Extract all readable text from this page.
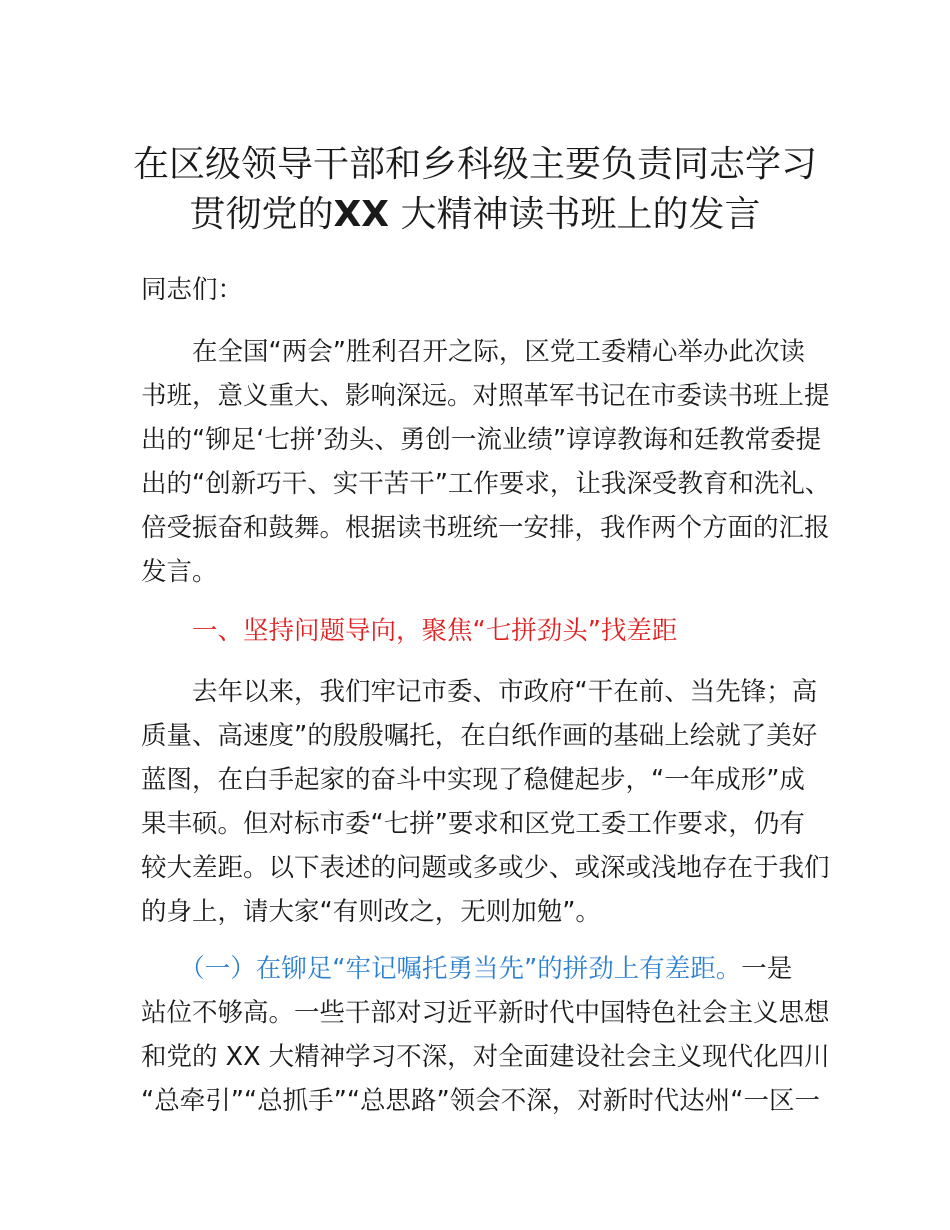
在区级领导干部和乡科级主要负责同志学习
贯彻党的XX 大精神读书班上的发言

同志们：

　　在全国“两会”胜利召开之际，区党工委精心举办此次读
书班，意义重大、影响深远。对照革军书记在市委读书班上提
出的“铆足‘七拼’劲头、勇创一流业绩”谆谆教诲和廷教常委提
出的“创新巧干、实干苦干”工作要求，让我深受教育和洗礼、
倍受振奋和鼓舞。根据读书班统一安排，我作两个方面的汇报
发言。

一、坚持问题导向，聚焦“七拼劲头”找差距

　　去年以来，我们牢记市委、市政府“干在前、当先锋；高
质量、高速度”的殷殷嘱托，在白纸作画的基础上绘就了美好
蓝图，在白手起家的奋斗中实现了稳健起步，“一年成形”成
果丰硕。但对标市委“七拼”要求和区党工委工作要求，仍有
较大差距。以下表述的问题或多或少、或深或浅地存在于我们
的身上，请大家“有则改之，无则加勉”。

　　（一）在铆足“牢记嘱托勇当先”的拼劲上有差距。一是
站位不够高。一些干部对习近平新时代中国特色社会主义思想
和党的 XX 大精神学习不深，对全面建设社会主义现代化四川
“总牵引”“总抓手”“总思路”领会不深，对新时代达州“一区一
